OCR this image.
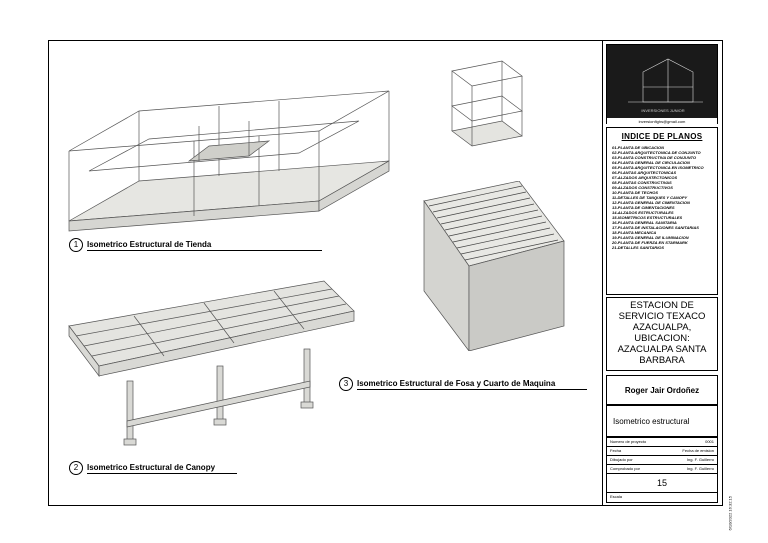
1	Isometrico Estructural de Tienda
2	Isometrico Estructural de Canopy
3	Isometrico Estructural de Fosa y Cuarto de Maquina
INVERSIONES JUNIOR
inversionfighs@gmail.com
INDICE DE PLANOS
01-PLANTA DE UBICACION
02-PLANTA ARQUITECTONICA DE CONJUNTO
03-PLANTA CONSTRUCTIVA DE CONJUNTO
04-PLANTA GENERAL DE CIRCULACION
05-PLANTA ARQUITECTONICA EN ISOMETRICO
06-PLANTAS ARQUITECTONICAS
07-ALZADOS ARQUITECTONICOS
08-PLANTAS CONSTRUCTIVAS
09-ALZADOS CONSTRUCTIVOS
10-PLANTA DE TECHOS
11-DETALLES DE TANQUES Y CANOPY
12-PLANTA GENERAL DE CIMENTACION
13-PLANTA DE CIMENTACIONES
14-ALZADOS ESTRUCTURALES
15-ISOMETRICOS ESTRUCTURALES
16-PLANTA GENERAL SANITARIA
17-PLANTA DE INSTALACIONES SANITARIAS
18-PLANTA MECANICA
19-PLANTA GENERAL DE ILUMINACION
20-PLANTA DE FUERZA EN STARMARK
21-DETALLES SANITARIOS
ESTACION DE SERVICIO TEXACO AZACUALPA, UBICACION: AZACUALPA SANTA BARBARA
Roger Jair Ordoñez
Isometrico estructural
Numero de proyecto	0001
Fecha	Fecha de emision
Dibujado por	Ing. F. Guillerro
Comprobado por	Ing. F. Guillerro
15
Escala	6/10/2022 16:32:15
